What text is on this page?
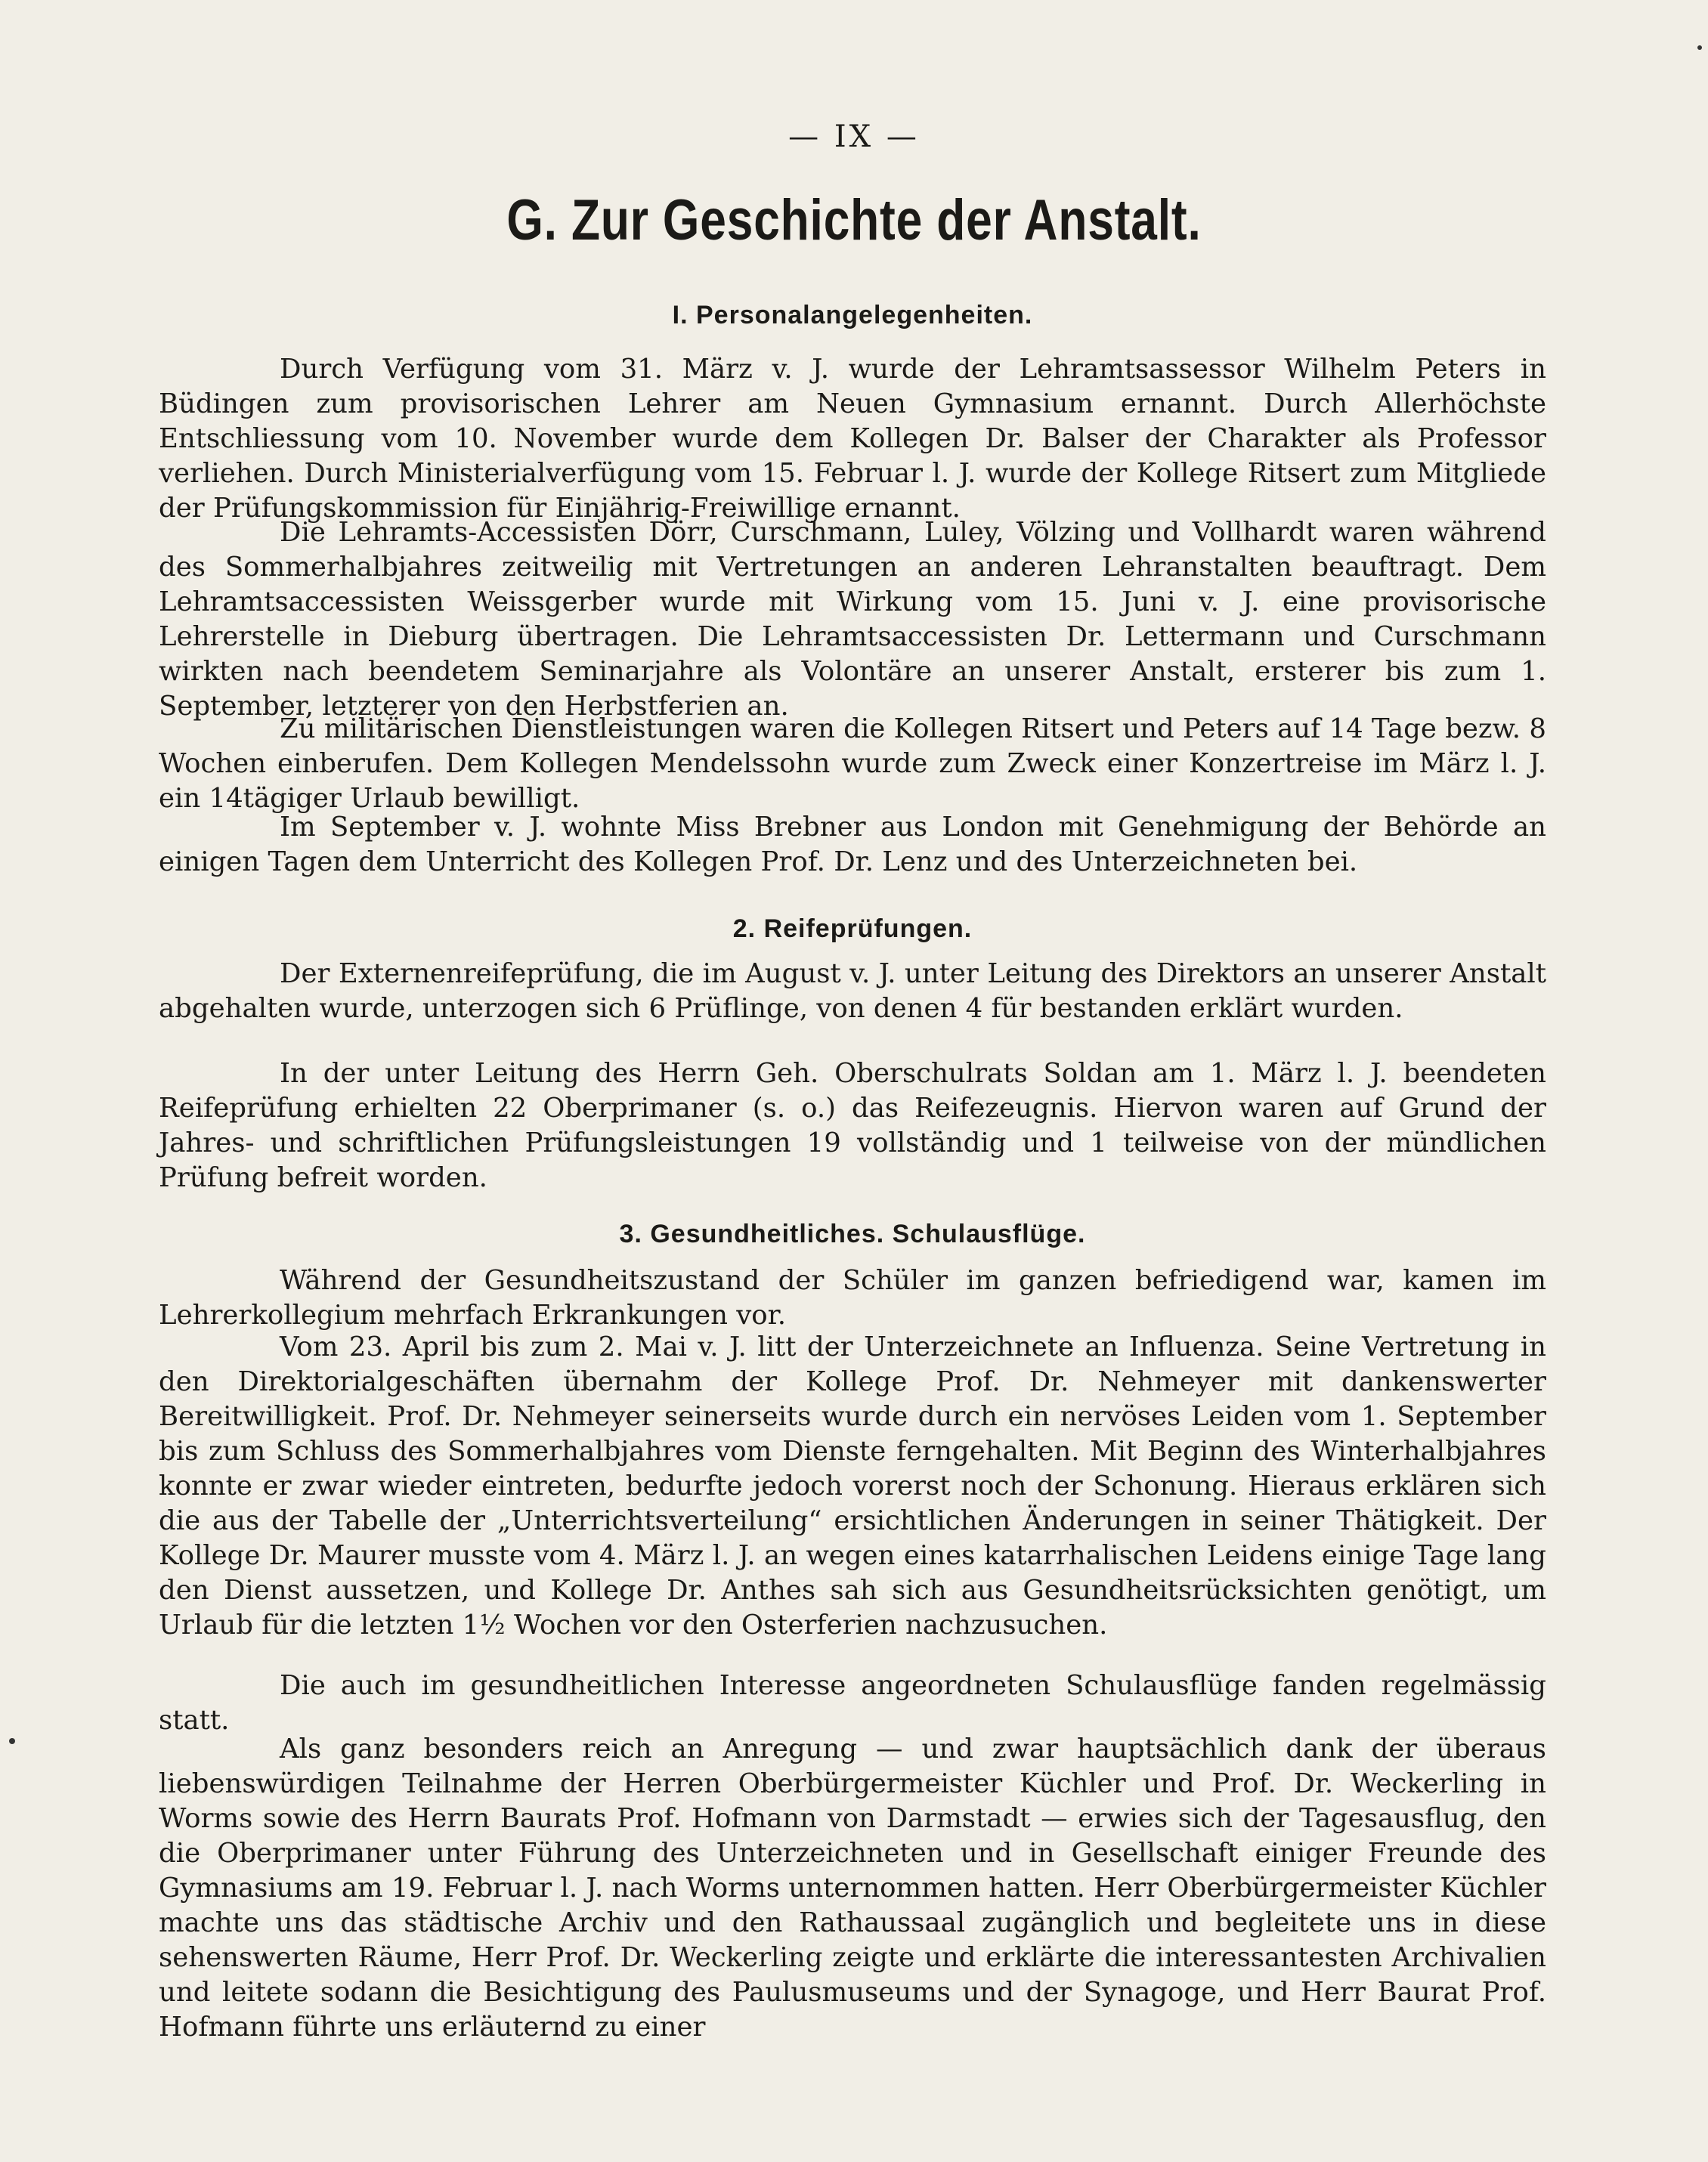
— IX —
G. Zur Geschichte der Anstalt.
I. Personalangelegenheiten.
Durch Verfügung vom 31. März v. J. wurde der Lehramtsassessor Wilhelm Peters in Büdingen zum provisorischen Lehrer am Neuen Gymnasium ernannt. Durch Allerhöchste Entschliessung vom 10. November wurde dem Kollegen Dr. Balser der Charakter als Professor verliehen. Durch Ministerialverfügung vom 15. Februar l. J. wurde der Kollege Ritsert zum Mitgliede der Prüfungskommission für Einjährig-Freiwillige ernannt.
Die Lehramts-Accessisten Dörr, Curschmann, Luley, Völzing und Vollhardt waren während des Sommerhalbjahres zeitweilig mit Vertretungen an anderen Lehranstalten beauftragt. Dem Lehramtsaccessisten Weissgerber wurde mit Wirkung vom 15. Juni v. J. eine provisorische Lehrerstelle in Dieburg übertragen. Die Lehramtsaccessisten Dr. Lettermann und Curschmann wirkten nach beendetem Seminarjahre als Volontäre an unserer Anstalt, ersterer bis zum 1. September, letzterer von den Herbstferien an.
Zu militärischen Dienstleistungen waren die Kollegen Ritsert und Peters auf 14 Tage bezw. 8 Wochen einberufen. Dem Kollegen Mendelssohn wurde zum Zweck einer Konzertreise im März l. J. ein 14tägiger Urlaub bewilligt.
Im September v. J. wohnte Miss Brebner aus London mit Genehmigung der Behörde an einigen Tagen dem Unterricht des Kollegen Prof. Dr. Lenz und des Unterzeichneten bei.
2. Reifeprüfungen.
Der Externenreifeprüfung, die im August v. J. unter Leitung des Direktors an unserer Anstalt abgehalten wurde, unterzogen sich 6 Prüflinge, von denen 4 für bestanden erklärt wurden.
In der unter Leitung des Herrn Geh. Oberschulrats Soldan am 1. März l. J. beendeten Reifeprüfung erhielten 22 Oberprimaner (s. o.) das Reifezeugnis. Hiervon waren auf Grund der Jahres- und schriftlichen Prüfungsleistungen 19 vollständig und 1 teilweise von der mündlichen Prüfung befreit worden.
3. Gesundheitliches. Schulausflüge.
Während der Gesundheitszustand der Schüler im ganzen befriedigend war, kamen im Lehrerkollegium mehrfach Erkrankungen vor.
Vom 23. April bis zum 2. Mai v. J. litt der Unterzeichnete an Influenza. Seine Vertretung in den Direktorialgeschäften übernahm der Kollege Prof. Dr. Nehmeyer mit dankenswerter Bereitwilligkeit. Prof. Dr. Nehmeyer seinerseits wurde durch ein nervöses Leiden vom 1. September bis zum Schluss des Sommerhalbjahres vom Dienste ferngehalten. Mit Beginn des Winterhalbjahres konnte er zwar wieder eintreten, bedurfte jedoch vorerst noch der Schonung. Hieraus erklären sich die aus der Tabelle der „Unterrichtsverteilung“ ersichtlichen Änderungen in seiner Thätigkeit. Der Kollege Dr. Maurer musste vom 4. März l. J. an wegen eines katarrhalischen Leidens einige Tage lang den Dienst aussetzen, und Kollege Dr. Anthes sah sich aus Gesundheitsrücksichten genötigt, um Urlaub für die letzten 1½ Wochen vor den Osterferien nachzusuchen.
Die auch im gesundheitlichen Interesse angeordneten Schulausflüge fanden regelmässig statt.
Als ganz besonders reich an Anregung — und zwar hauptsächlich dank der überaus liebenswürdigen Teilnahme der Herren Oberbürgermeister Küchler und Prof. Dr. Weckerling in Worms sowie des Herrn Baurats Prof. Hofmann von Darmstadt — erwies sich der Tagesausflug, den die Oberprimaner unter Führung des Unterzeichneten und in Gesellschaft einiger Freunde des Gymnasiums am 19. Februar l. J. nach Worms unternommen hatten. Herr Oberbürgermeister Küchler machte uns das städtische Archiv und den Rathaussaal zugänglich und begleitete uns in diese sehenswerten Räume, Herr Prof. Dr. Weckerling zeigte und erklärte die interessantesten Archivalien und leitete sodann die Besichtigung des Paulusmuseums und der Synagoge, und Herr Baurat Prof. Hofmann führte uns erläuternd zu einer
